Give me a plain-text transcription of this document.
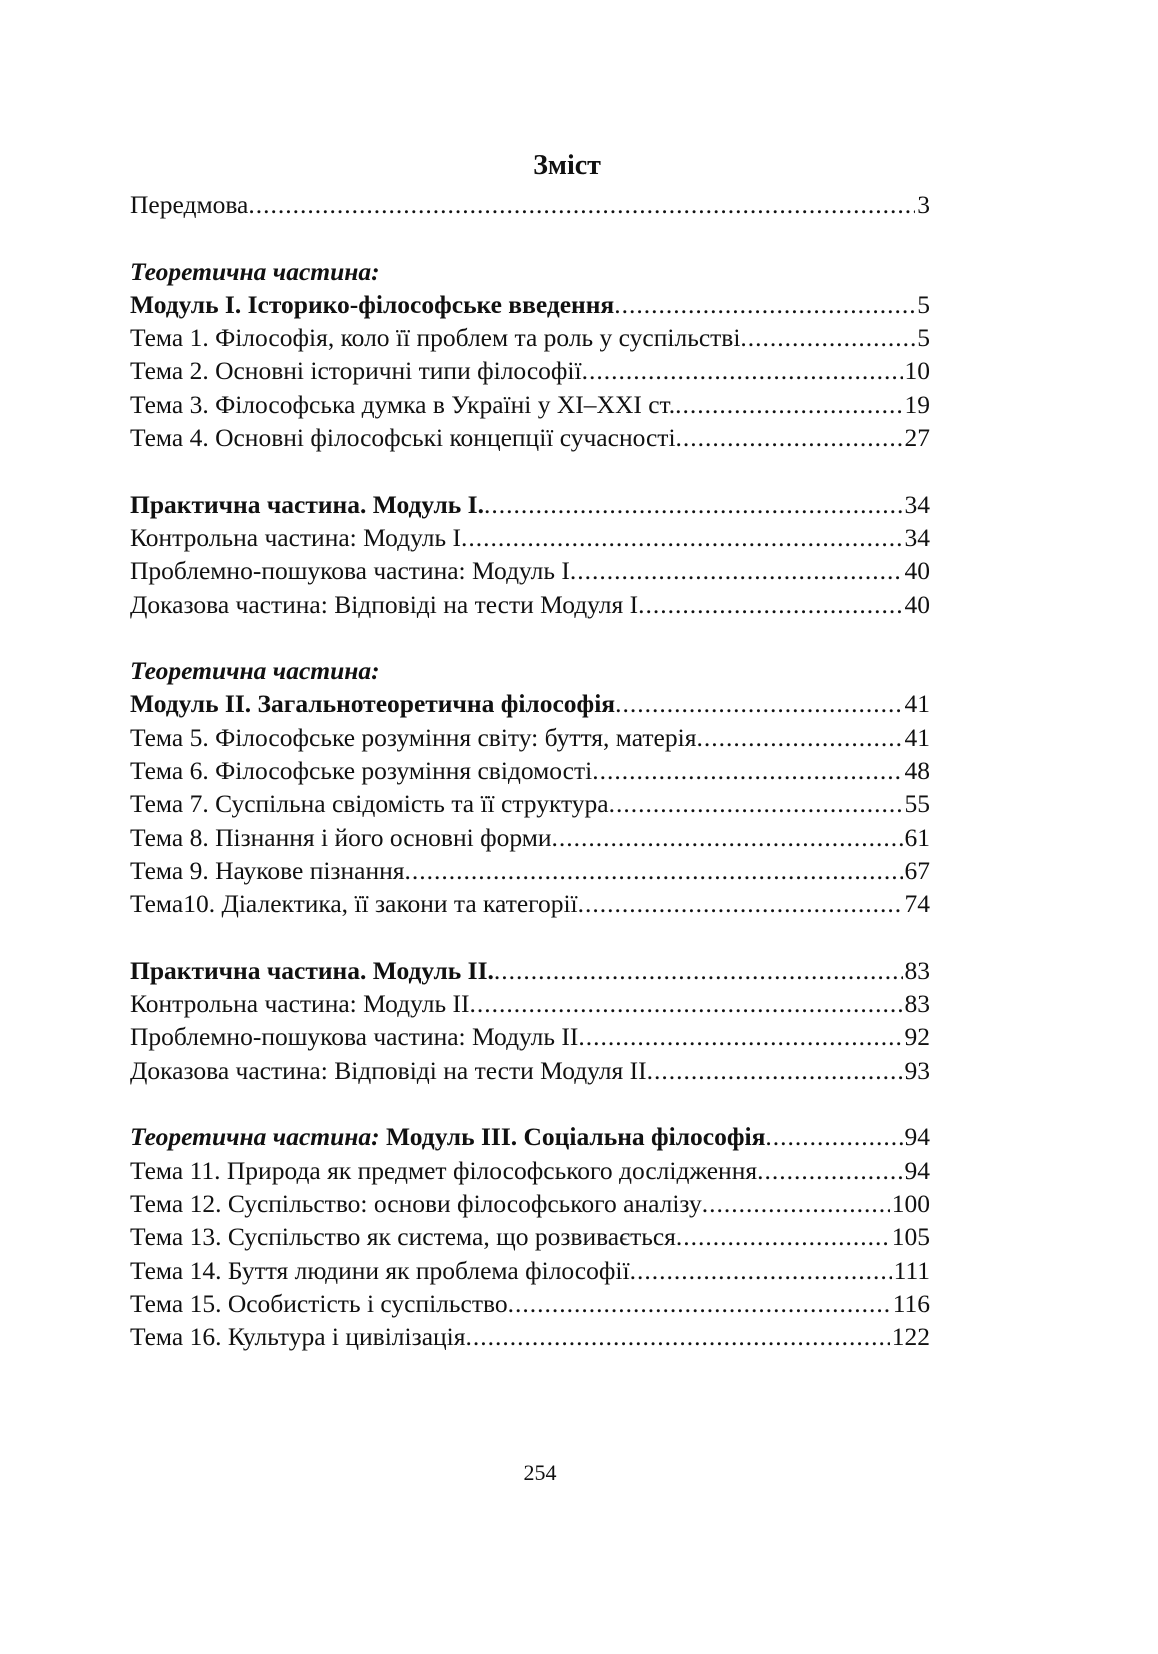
Зміст
Передмова .....	3
Теоретична частина:
Модуль І. Історико-філософське введення .....	5
Тема 1. Філософія, коло її проблем та роль у суспільстві .....	5
Тема 2. Основні історичні типи філософії .....	10
Тема 3. Філософська думка в Україні у XI–XXI ст. .....	19
Тема 4. Основні філософські концепції сучасності .....	27
Практична частина. Модуль І. .....	34
Контрольна частина: Модуль І .....	34
Проблемно-пошукова частина: Модуль І .....	40
Доказова частина: Відповіді на тести Модуля І .....	40
Теоретична частина:
Модуль ІІ. Загальнотеоретична філософія .....	41
Тема 5. Філософське розуміння світу: буття, матерія .....	41
Тема 6. Філософське розуміння свідомості .....	48
Тема 7. Суспільна свідомість та її структура .....	55
Тема 8. Пізнання і його основні форми .....	61
Тема 9. Наукове пізнання .....	67
Тема10. Діалектика, її закони та категорії .....	74
Практична частина. Модуль ІІ. .....	83
Контрольна частина: Модуль ІІ .....	83
Проблемно-пошукова частина: Модуль ІІ .....	92
Доказова частина: Відповіді на тести Модуля ІІ .....	93
Теоретична частина: Модуль ІІІ. Соціальна філософія .....	94
Тема 11. Природа як предмет філософського дослідження .....	94
Тема 12. Суспільство: основи філософського аналізу .....	100
Тема 13. Суспільство як система, що розвивається .....	105
Тема 14. Буття людини як проблема філософії .....	111
Тема 15. Особистість і суспільство .....	116
Тема 16. Культура і цивілізація .....	122
254
